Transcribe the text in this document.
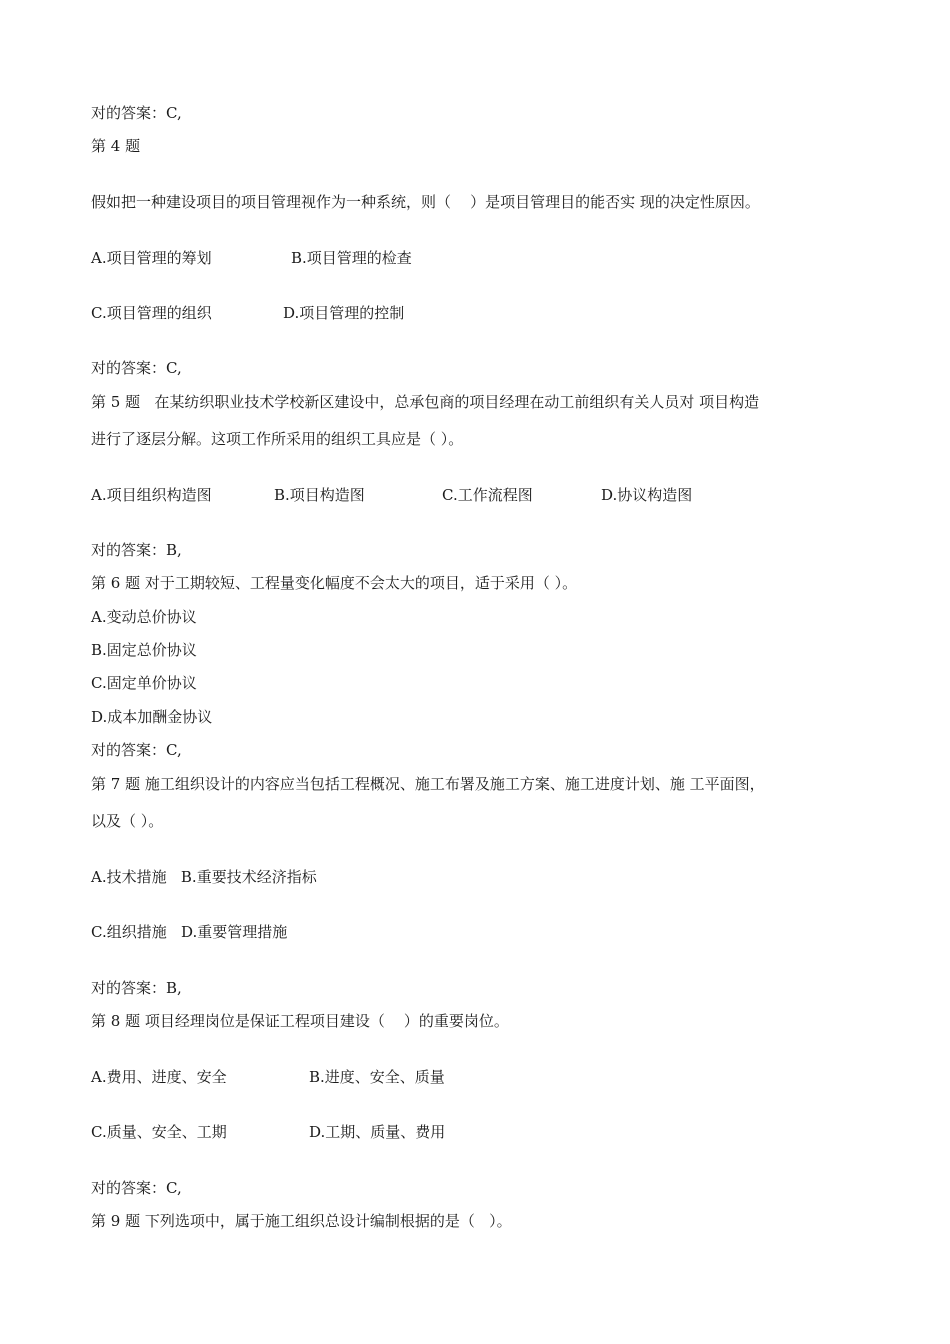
对的答案：C,
第 4 题
假如把一种建设项目的项目管理视作为一种系统，则（    ）是项目管理目的能否实 现的决定性原因。
A.项目管理的筹划	B.项目管理的检查
C.项目管理的组织	D.项目管理的控制
对的答案：C,
第 5 题   在某纺织职业技术学校新区建设中，总承包商的项目经理在动工前组织有关人员对 项目构造
进行了逐层分解。这项工作所采用的组织工具应是（ ）。
A.项目组织构造图	B.项目构造图	C.工作流程图	D.协议构造图
对的答案：B,
第 6 题 对于工期较短、工程量变化幅度不会太大的项目，适于采用（ ）。
A.变动总价协议
B.固定总价协议
C.固定单价协议
D.成本加酬金协议
对的答案：C,
第 7 题 施工组织设计的内容应当包括工程概况、施工布署及施工方案、施工进度计划、施 工平面图，
以及（ ）。
A.技术措施   B.重要技术经济指标
C.组织措施   D.重要管理措施
对的答案：B,
第 8 题 项目经理岗位是保证工程项目建设（    ）的重要岗位。
A.费用、进度、安全	B.进度、安全、质量
C.质量、安全、工期	D.工期、质量、费用
对的答案：C,
第 9 题 下列选项中，属于施工组织总设计编制根据的是（   ）。
